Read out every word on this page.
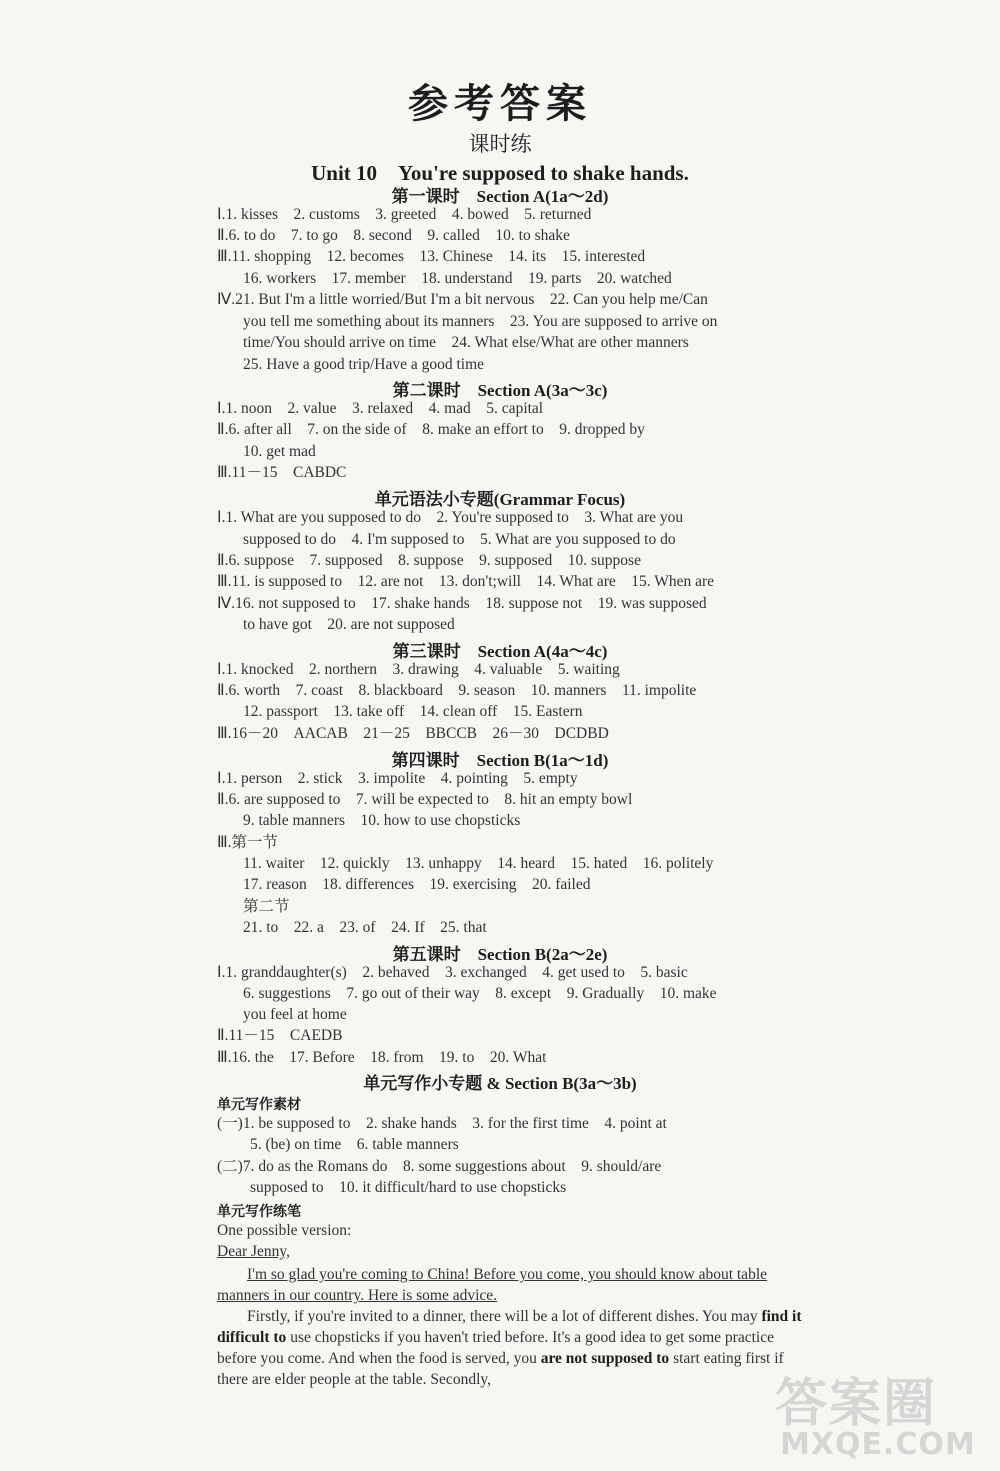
参考答案
课时练
Unit 10　You're supposed to shake hands.
第一课时　Section A(1a～2d)
Ⅰ.1. kisses　2. customs　3. greeted　4. bowed　5. returned
Ⅱ.6. to do　7. to go　8. second　9. called　10. to shake
Ⅲ.11. shopping　12. becomes　13. Chinese　14. its　15. interested
16. workers　17. member　18. understand　19. parts　20. watched
Ⅳ.21. But I'm a little worried/But I'm a bit nervous　22. Can you help me/Can
you tell me something about its manners　23. You are supposed to arrive on
time/You should arrive on time　24. What else/What are other manners
25. Have a good trip/Have a good time
第二课时　Section A(3a～3c)
Ⅰ.1. noon　2. value　3. relaxed　4. mad　5. capital
Ⅱ.6. after all　7. on the side of　8. make an effort to　9. dropped by
10. get mad
Ⅲ.11－15　CABDC
单元语法小专题(Grammar Focus)
Ⅰ.1. What are you supposed to do　2. You're supposed to　3. What are you
supposed to do　4. I'm supposed to　5. What are you supposed to do
Ⅱ.6. suppose　7. supposed　8. suppose　9. supposed　10. suppose
Ⅲ.11. is supposed to　12. are not　13. don't;will　14. What are　15. When are
Ⅳ.16. not supposed to　17. shake hands　18. suppose not　19. was supposed
to have got　20. are not supposed
第三课时　Section A(4a～4c)
Ⅰ.1. knocked　2. northern　3. drawing　4. valuable　5. waiting
Ⅱ.6. worth　7. coast　8. blackboard　9. season　10. manners　11. impolite
12. passport　13. take off　14. clean off　15. Eastern
Ⅲ.16－20　AACAB　21－25　BBCCB　26－30　DCDBD
第四课时　Section B(1a～1d)
Ⅰ.1. person　2. stick　3. impolite　4. pointing　5. empty
Ⅱ.6. are supposed to　7. will be expected to　8. hit an empty bowl
9. table manners　10. how to use chopsticks
Ⅲ.第一节
11. waiter　12. quickly　13. unhappy　14. heard　15. hated　16. politely
17. reason　18. differences　19. exercising　20. failed
第二节
21. to　22. a　23. of　24. If　25. that
第五课时　Section B(2a～2e)
Ⅰ.1. granddaughter(s)　2. behaved　3. exchanged　4. get used to　5. basic
6. suggestions　7. go out of their way　8. except　9. Gradually　10. make
you feel at home
Ⅱ.11－15　CAEDB
Ⅲ.16. the　17. Before　18. from　19. to　20. What
单元写作小专题 & Section B(3a～3b)
单元写作素材
(一)1. be supposed to　2. shake hands　3. for the first time　4. point at
5. (be) on time　6. table manners
(二)7. do as the Romans do　8. some suggestions about　9. should/are
supposed to　10. it difficult/hard to use chopsticks
单元写作练笔
One possible version:
Dear Jenny,
I'm so glad you're coming to China! Before you come, you should know about table manners in our country. Here is some advice.
Firstly, if you're invited to a dinner, there will be a lot of different dishes. You may find it difficult to use chopsticks if you haven't tried before. It's a good idea to get some practice before you come. And when the food is served, you are not supposed to start eating first if there are elder people at the table. Secondly,	答案圈
MXQE.COM
